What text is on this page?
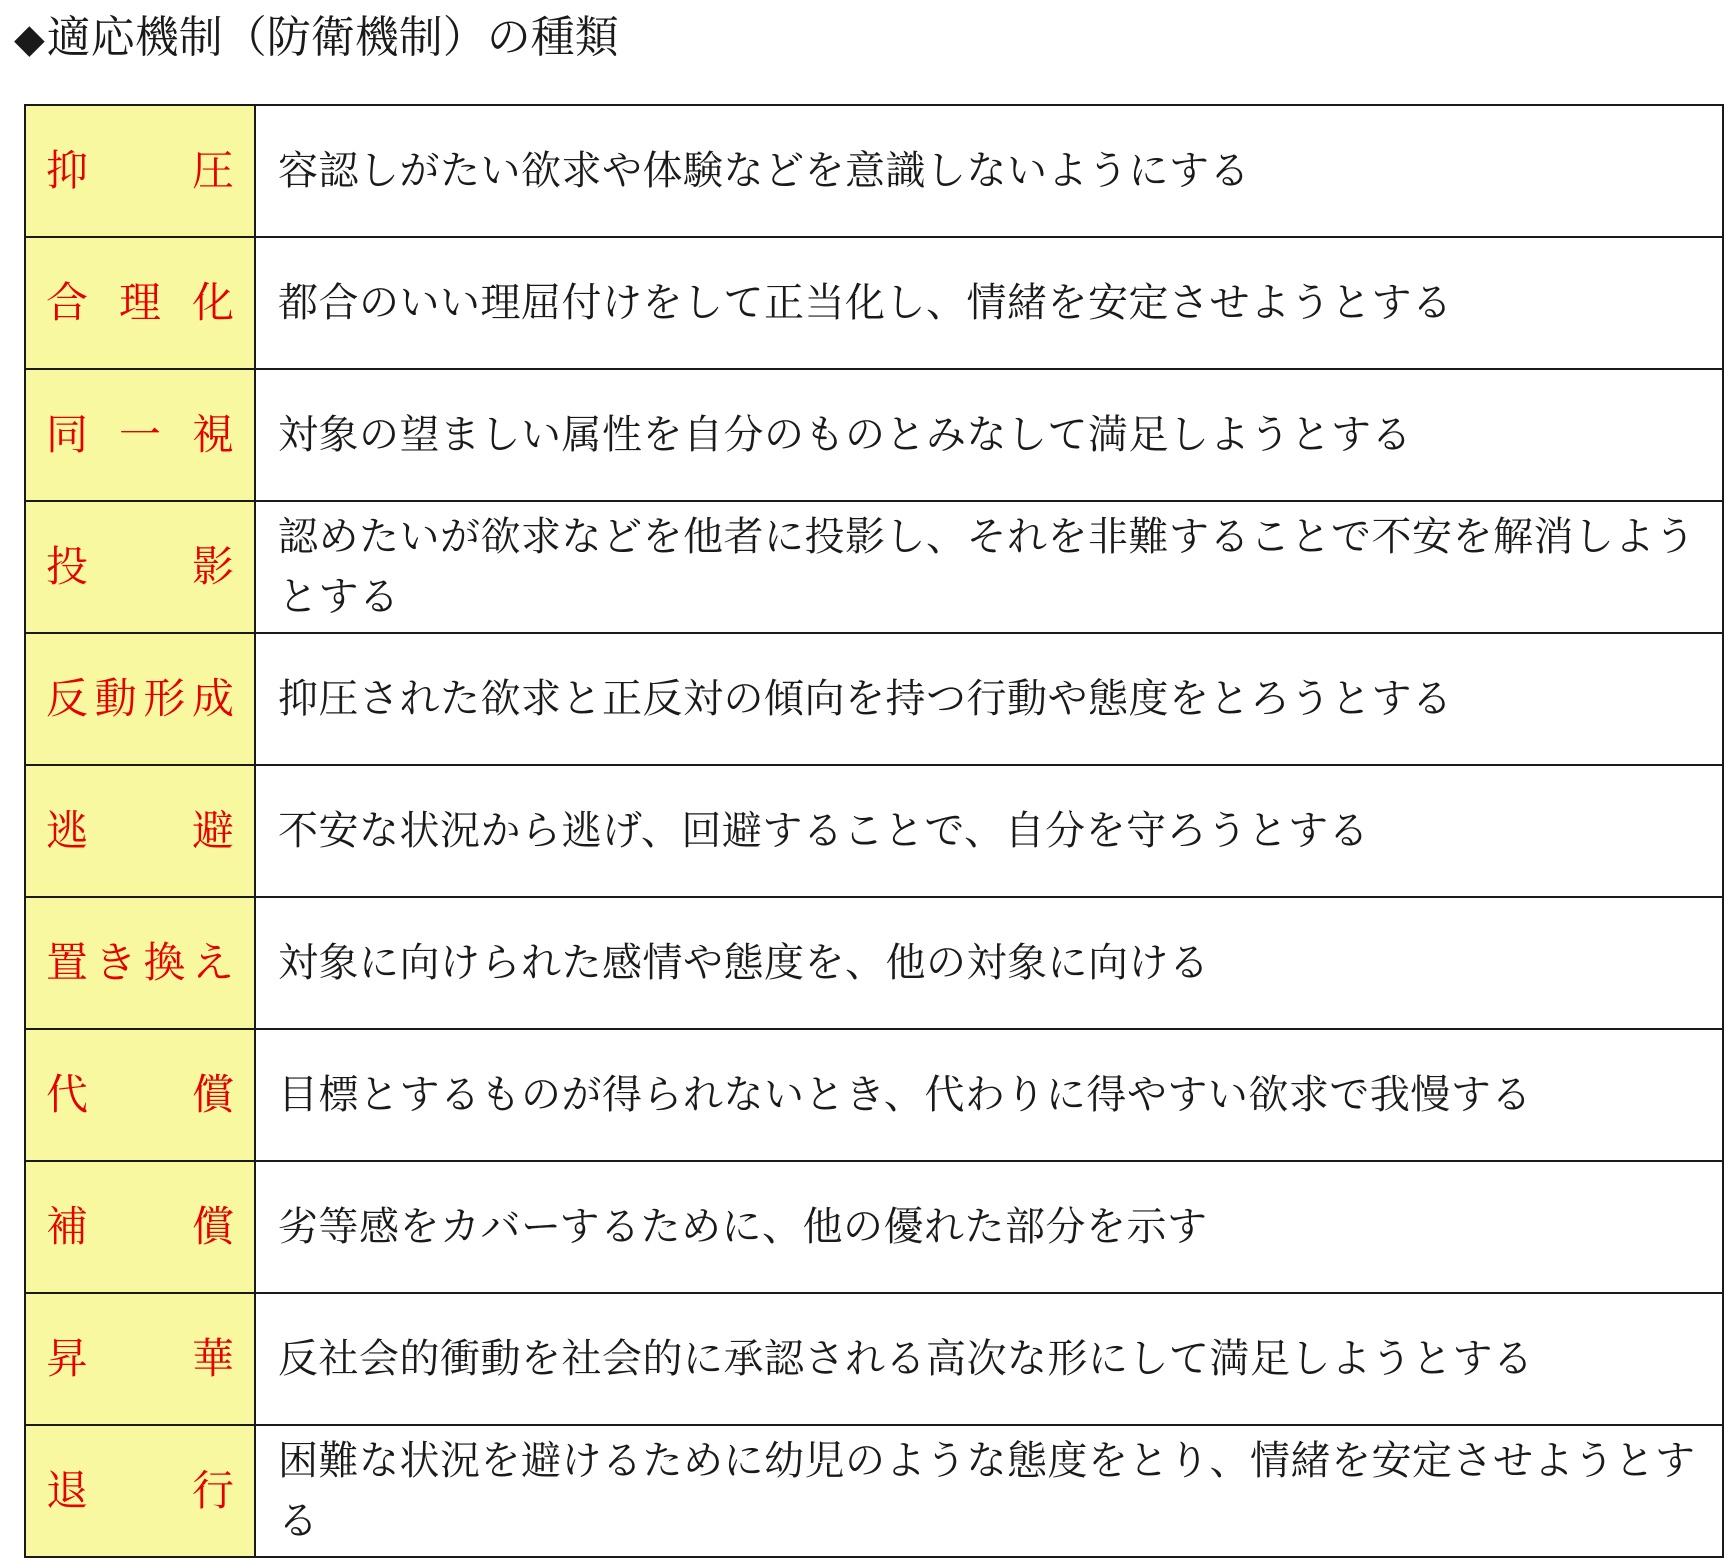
◆適応機制（防衛機制）の種類
抑 圧 容認しがたい欲求や体験などを意識しないようにする
合 理 化 都合のいい理屈付けをして正当化し、情緒を安定させようとする
同 一 視 対象の望ましい属性を自分のものとみなして満足しようとする
投 影
認めたいが欲求などを他者に投影し、それを非難することで不安を解消しようとする
反 動 形 成 抑圧された欲求と正反対の傾向を持つ行動や態度をとろうとする
逃 避 不安な状況から逃げ、回避することで、自分を守ろうとする
置 き 換 え 対象に向けられた感情や態度を、他の対象に向ける
代 償 目標とするものが得られないとき、代わりに得やすい欲求で我慢する
補 償 劣等感をカバーするために、他の優れた部分を示す
昇 華 反社会的衝動を社会的に承認される高次な形にして満足しようとする
退 行
困難な状況を避けるために幼児のような態度をとり、情緒を安定させようとする
